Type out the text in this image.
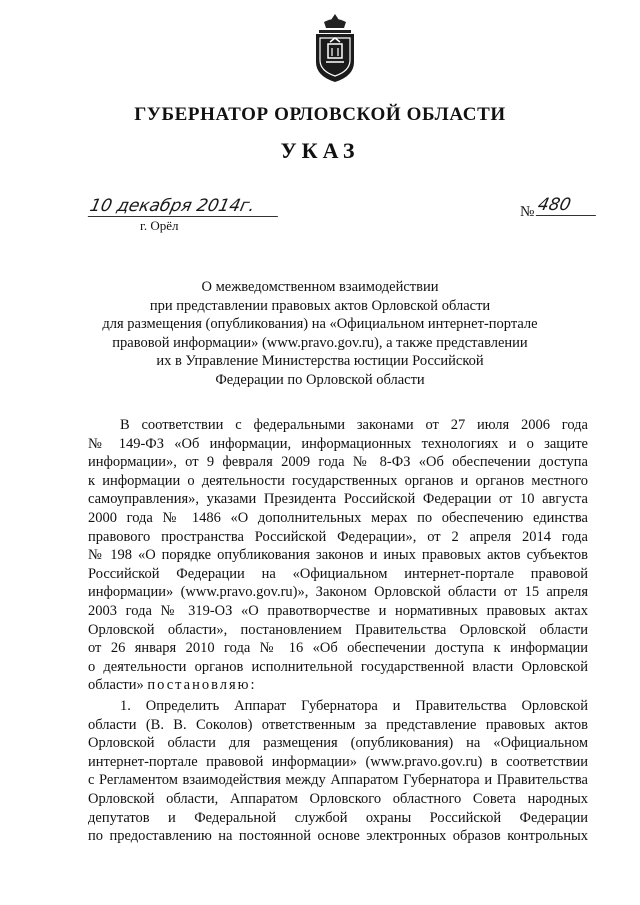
ГУБЕРНАТОР ОРЛОВСКОЙ ОБЛАСТИ
УКАЗ
10 декабря 2014г.	№ 480
г. Орёл
О межведомственном взаимодействии
при представлении правовых актов Орловской области
для размещения (опубликования) на «Официальном интернет-портале
правовой информации» (www.pravo.gov.ru), а также представлении
их в Управление Министерства юстиции Российской
Федерации по Орловской области
В соответствии с федеральными законами от 27 июля 2006 года
№ 149-ФЗ «Об информации, информационных технологиях и о защите
информации», от 9 февраля 2009 года № 8-ФЗ «Об обеспечении доступа
к информации о деятельности государственных органов и органов местного
самоуправления», указами Президента Российской Федерации от 10 августа
2000 года № 1486 «О дополнительных мерах по обеспечению единства
правового пространства Российской Федерации», от 2 апреля 2014 года
№ 198 «О порядке опубликования законов и иных правовых актов субъектов
Российской Федерации на «Официальном интернет-портале правовой
информации» (www.pravo.gov.ru)», Законом Орловской области от 15 апреля
2003 года № 319-ОЗ «О правотворчестве и нормативных правовых актах
Орловской области», постановлением Правительства Орловской области
от 26 января 2010 года № 16 «Об обеспечении доступа к информации
о деятельности органов исполнительной государственной власти Орловской
области» постановляю:
1. Определить Аппарат Губернатора и Правительства Орловской
области (В. В. Соколов) ответственным за представление правовых актов
Орловской области для размещения (опубликования) на «Официальном
интернет-портале правовой информации» (www.pravo.gov.ru) в соответствии
с Регламентом взаимодействия между Аппаратом Губернатора и Правительства
Орловской области, Аппаратом Орловского областного Совета народных
депутатов и Федеральной службой охраны Российской Федерации
по предоставлению на постоянной основе электронных образов контрольных
